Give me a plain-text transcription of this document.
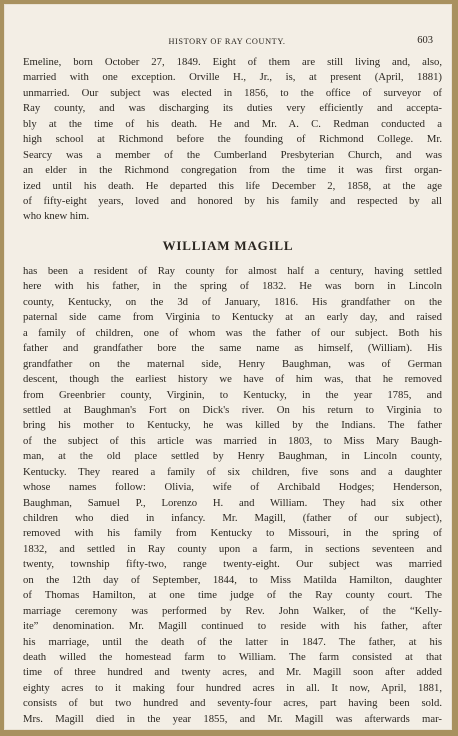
HISTORY OF RAY COUNTY.	603
Emeline, born October 27, 1849. Eight of them are still living and, also,
married with one exception. Orville H., Jr., is, at present (April, 1881)
unmarried. Our subject was elected in 1856, to the office of surveyor of
Ray county, and was discharging its duties very efficiently and accepta-
bly at the time of his death. He and Mr. A. C. Redman conducted a
high school at Richmond before the founding of Richmond College. Mr.
Searcy was a member of the Cumberland Presbyterian Church, and was
an elder in the Richmond congregation from the time it was first organ-
ized until his death. He departed this life December 2, 1858, at the age
of fifty-eight years, loved and honored by his family and respected by all
who knew him.
WILLIAM MAGILL
has been a resident of Ray county for almost half a century, having settled
here with his father, in the spring of 1832. He was born in Lincoln
county, Kentucky, on the 3d of January, 1816. His grandfather on the
paternal side came from Virginia to Kentucky at an early day, and raised
a family of children, one of whom was the father of our subject. Both his
father and grandfather bore the same name as himself, (William). His
grandfather on the maternal side, Henry Baughman, was of German
descent, though the earliest history we have of him was, that he removed
from Greenbrier county, Virginin, to Kentucky, in the year 1785, and
settled at Baughman's Fort on Dick's river. On his return to Virginia to
bring his mother to Kentucky, he was killed by the Indians. The father
of the subject of this article was married in 1803, to Miss Mary Baugh-
man, at the old place settled by Henry Baughman, in Lincoln county,
Kentucky. They reared a family of six children, five sons and a daughter
whose names follow: Olivia, wife of Archibald Hodges; Henderson,
Baughman, Samuel P., Lorenzo H. and William. They had six other
children who died in infancy. Mr. Magill, (father of our subject),
removed with his family from Kentucky to Missouri, in the spring of
1832, and settled in Ray county upon a farm, in sections seventeen and
twenty, township fifty-two, range twenty-eight. Our subject was married
on the 12th day of September, 1844, to Miss Matilda Hamilton, daughter
of Thomas Hamilton, at one time judge of the Ray county court. The
marriage ceremony was performed by Rev. John Walker, of the “Kelly-
ite” denomination. Mr. Magill continued to reside with his father, after
his marriage, until the death of the latter in 1847. The father, at his
death willed the homestead farm to William. The farm consisted at that
time of three hundred and twenty acres, and Mr. Magill soon after added
eighty acres to it making four hundred acres in all. It now, April, 1881,
consists of but two hundred and seventy-four acres, part having been sold.
Mrs. Magill died in the year 1855, and Mr. Magill was afterwards mar-
